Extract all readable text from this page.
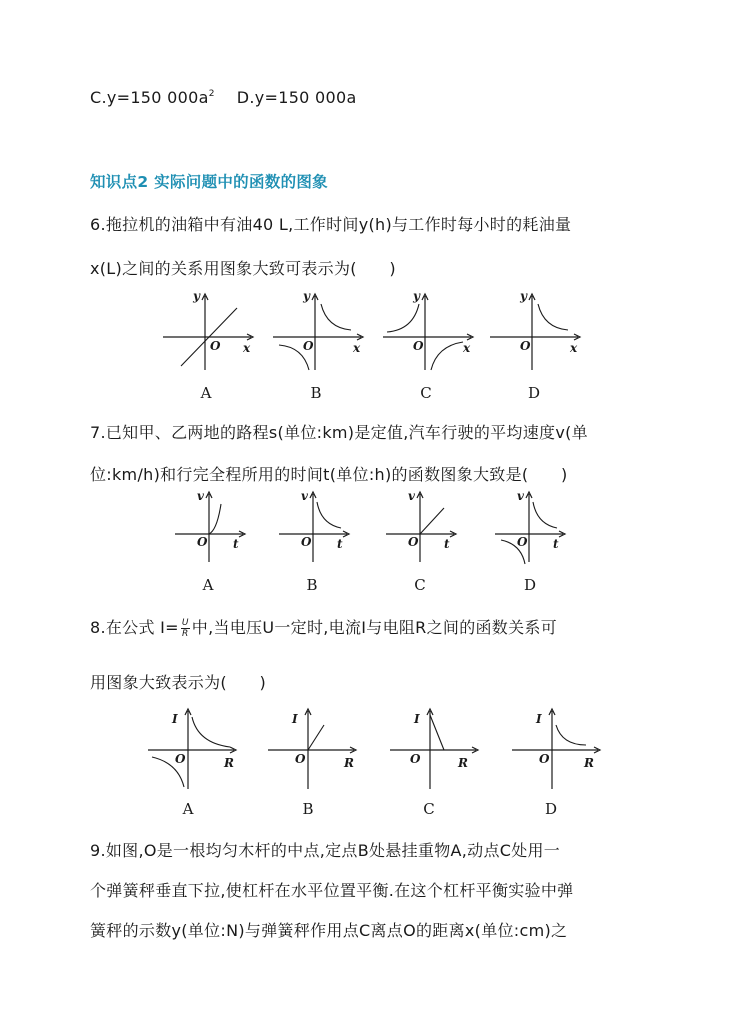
C.y=150 $000a^2$ D.y=150 000a
知识点2 实际问题中的函数的图象
6.拖拉机的油箱中有油40 L,工作时间y(h)与工作时每小时的耗油量
x(L)之间的关系用图象大致可表示为(　　)
y
x
O
y
x
O
y
x
O
y
x
O
A	B	C	D
7.已知甲、乙两地的路程s(单位:km)是定值,汽车行驶的平均速度v(单
位:km/h)和行完全程所用的时间t(单位:h)的函数图象大致是(　　)
v
t
O
v
t
O
v
t
O
v
t
O
A	B	C	D
8.在公式 $I= \frac{U}{R}$ 中,当电压U一定时,电流I与电阻R之间的函数关系可
用图象大致表示为(　　)
I
R
O
I
R
O
I
R
O
I
R
O
A	B	C	D
9.如图,O是一根均匀木杆的中点,定点B处悬挂重物A,动点C处用一
个弹簧秤垂直下拉,使杠杆在水平位置平衡.在这个杠杆平衡实验中弹
簧秤的示数y(单位:N)与弹簧秤作用点C离点O的距离x(单位:cm)之
